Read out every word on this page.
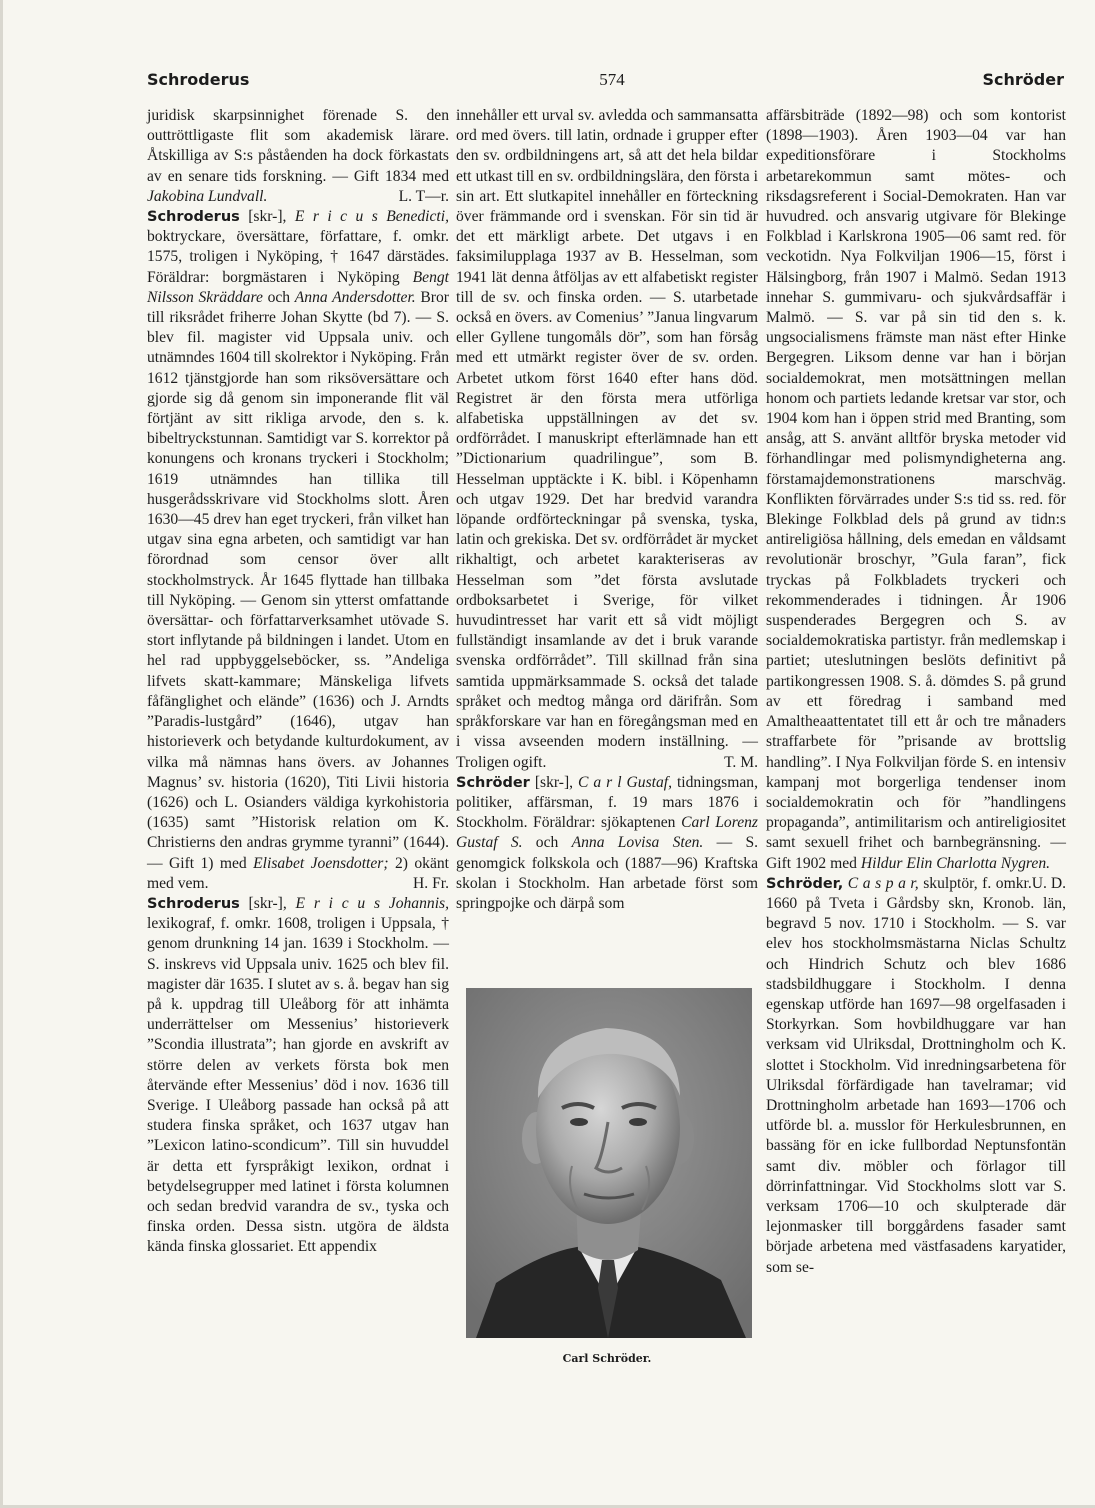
Schroderus	574	Schröder

juridisk skarpsinnighet förenade S. den outtröttligaste flit som akademisk lärare. Åtskilliga av S:s påståenden ha dock förkastats av en senare tids forskning. — Gift 1834 med Jakobina Lundvall.	L. T—r.

Schroderus [skr-], E r i c u s Benedicti, boktryckare, översättare, författare, f. omkr. 1575, troligen i Nyköping, † 1647 därstädes. Föräldrar: borgmästaren i Nyköping Bengt Nilsson Skräddare och Anna Andersdotter. Bror till riksrådet friherre Johan Skytte (bd 7). — S. blev fil. magister vid Uppsala univ. och utnämndes 1604 till skolrektor i Nyköping. Från 1612 tjänstgjorde han som riksöversättare och gjorde sig då genom sin imponerande flit väl förtjänt av sitt rikliga arvode, den s. k. bibeltryckstunnan. Samtidigt var S. korrektor på konungens och kronans tryckeri i Stockholm; 1619 utnämndes han tillika till husgerådsskrivare vid Stockholms slott. Åren 1630—45 drev han eget tryckeri, från vilket han utgav sina egna arbeten, och samtidigt var han förordnad som censor över allt stockholmstryck. År 1645 flyttade han tillbaka till Nyköping. — Genom sin ytterst omfattande översättar- och författarverksamhet utövade S. stort inflytande på bildningen i landet. Utom en hel rad uppbyggelseböcker, ss. ”Andeliga lifvets skatt-kammare; Mänskeliga lifvets fåfänglighet och elände” (1636) och J. Arndts ”Paradis-lustgård” (1646), utgav han historieverk och betydande kulturdokument, av vilka må nämnas hans övers. av Johannes Magnus’ sv. historia (1620), Titi Livii historia (1626) och L. Osianders väldiga kyrkohistoria (1635) samt ”Historisk relation om K. Christierns den andras grymme tyranni” (1644). — Gift 1) med Elisabet Joensdotter; 2) okänt med vem.	H. Fr.

Schroderus [skr-], E r i c u s Johannis, lexikograf, f. omkr. 1608, troligen i Uppsala, † genom drunkning 14 jan. 1639 i Stockholm. — S. inskrevs vid Uppsala univ. 1625 och blev fil. magister där 1635. I slutet av s. å. begav han sig på k. uppdrag till Uleåborg för att inhämta underrättelser om Messenius’ historieverk ”Scondia illustrata”; han gjorde en avskrift av större delen av verkets första bok men återvände efter Messenius’ död i nov. 1636 till Sverige. I Uleåborg passade han också på att studera finska språket, och 1637 utgav han ”Lexicon latino-scondicum”. Till sin huvuddel är detta ett fyrspråkigt lexikon, ordnat i betydelsegrupper med latinet i första kolumnen och sedan bredvid varandra de sv., tyska och finska orden. Dessa sistn. utgöra de äldsta kända finska glossariet. Ett appendix

innehåller ett urval sv. avledda och sammansatta ord med övers. till latin, ordnade i grupper efter den sv. ordbildningens art, så att det hela bildar ett utkast till en sv. ordbildningslära, den första i sin art. Ett slutkapitel innehåller en förteckning över främmande ord i svenskan. För sin tid är det ett märkligt arbete. Det utgavs i en faksimilupplaga 1937 av B. Hesselman, som 1941 lät denna åtföljas av ett alfabetiskt register till de sv. och finska orden. — S. utarbetade också en övers. av Comenius’ ”Janua lingvarum eller Gyllene tungomåls dör”, som han försåg med ett utmärkt register över de sv. orden. Arbetet utkom först 1640 efter hans död. Registret är den första mera utförliga alfabetiska uppställningen av det sv. ordförrådet. I manuskript efterlämnade han ett ”Dictionarium quadrilingue”, som B. Hesselman upptäckte i K. bibl. i Köpenhamn och utgav 1929. Det har bredvid varandra löpande ordförteckningar på svenska, tyska, latin och grekiska. Det sv. ordförrådet är mycket rikhaltigt, och arbetet karakteriseras av Hesselman som ”det första avslutade ordboksarbetet i Sverige, för vilket huvudintresset har varit ett så vidt möjligt fullständigt insamlande av det i bruk varande svenska ordförrådet”. Till skillnad från sina samtida uppmärksammade S. också det talade språket och medtog många ord därifrån. Som språkforskare var han en föregångsman med en i vissa avseenden modern inställning. — Troligen ogift.	T. M.

Schröder [skr-], C a r l Gustaf, tidningsman, politiker, affärsman, f. 19 mars 1876 i Stockholm. Föräldrar: sjökaptenen Carl Lorenz Gustaf S. och Anna Lovisa Sten. — S. genomgick folkskola och (1887—96) Kraftska skolan i Stockholm. Han arbetade först som springpojke och därpå som

Carl Schröder.

affärsbiträde (1892—98) och som kontorist (1898—1903). Åren 1903—04 var han expeditionsförare i Stockholms arbetarekommun samt mötes- och riksdagsreferent i Social-Demokraten. Han var huvudred. och ansvarig utgivare för Blekinge Folkblad i Karlskrona 1905—06 samt red. för veckotidn. Nya Folkviljan 1906—15, först i Hälsingborg, från 1907 i Malmö. Sedan 1913 innehar S. gummivaru- och sjukvårdsaffär i Malmö. — S. var på sin tid den s. k. ungsocialismens främste man näst efter Hinke Bergegren. Liksom denne var han i början socialdemokrat, men motsättningen mellan honom och partiets ledande kretsar var stor, och 1904 kom han i öppen strid med Branting, som ansåg, att S. använt alltför bryska metoder vid förhandlingar med polismyndigheterna ang. förstamajdemonstrationens marschväg. Konflikten förvärrades under S:s tid ss. red. för Blekinge Folkblad dels på grund av tidn:s antireligiösa hållning, dels emedan en våldsamt revolutionär broschyr, ”Gula faran”, fick tryckas på Folkbladets tryckeri och rekommenderades i tidningen. År 1906 suspenderades Bergegren och S. av socialdemokratiska partistyr. från medlemskap i partiet; uteslutningen beslöts definitivt på partikongressen 1908. S. å. dömdes S. på grund av ett föredrag i samband med Amaltheaattentatet till ett år och tre månaders straffarbete för ”prisande av brottslig handling”. I Nya Folkviljan förde S. en intensiv kampanj mot borgerliga tendenser inom socialdemokratin och för ”handlingens propaganda”, antimilitarism och antireligiositet samt sexuell frihet och barnbegränsning. — Gift 1902 med Hildur Elin Charlotta Nygren.
U. D.

Schröder, C a s p a r, skulptör, f. omkr. 1660 på Tveta i Gårdsby skn, Kronob. län, begravd 5 nov. 1710 i Stockholm. — S. var elev hos stockholmsmästarna Niclas Schultz och Hindrich Schutz och blev 1686 stadsbildhuggare i Stockholm. I denna egenskap utförde han 1697—98 orgelfasaden i Storkyrkan. Som hovbildhuggare var han verksam vid Ulriksdal, Drottningholm och K. slottet i Stockholm. Vid inredningsarbetena för Ulriksdal förfärdigade han tavelramar; vid Drottningholm arbetade han 1693—1706 och utförde bl. a. musslor för Herkulesbrunnen, en bassäng för en icke fullbordad Neptunsfontän samt div. möbler och förlagor till dörrinfattningar. Vid Stockholms slott var S. verksam 1706—10 och skulpterade där lejonmasker till borggårdens fasader samt började arbetena med västfasadens karyatider, som se-
